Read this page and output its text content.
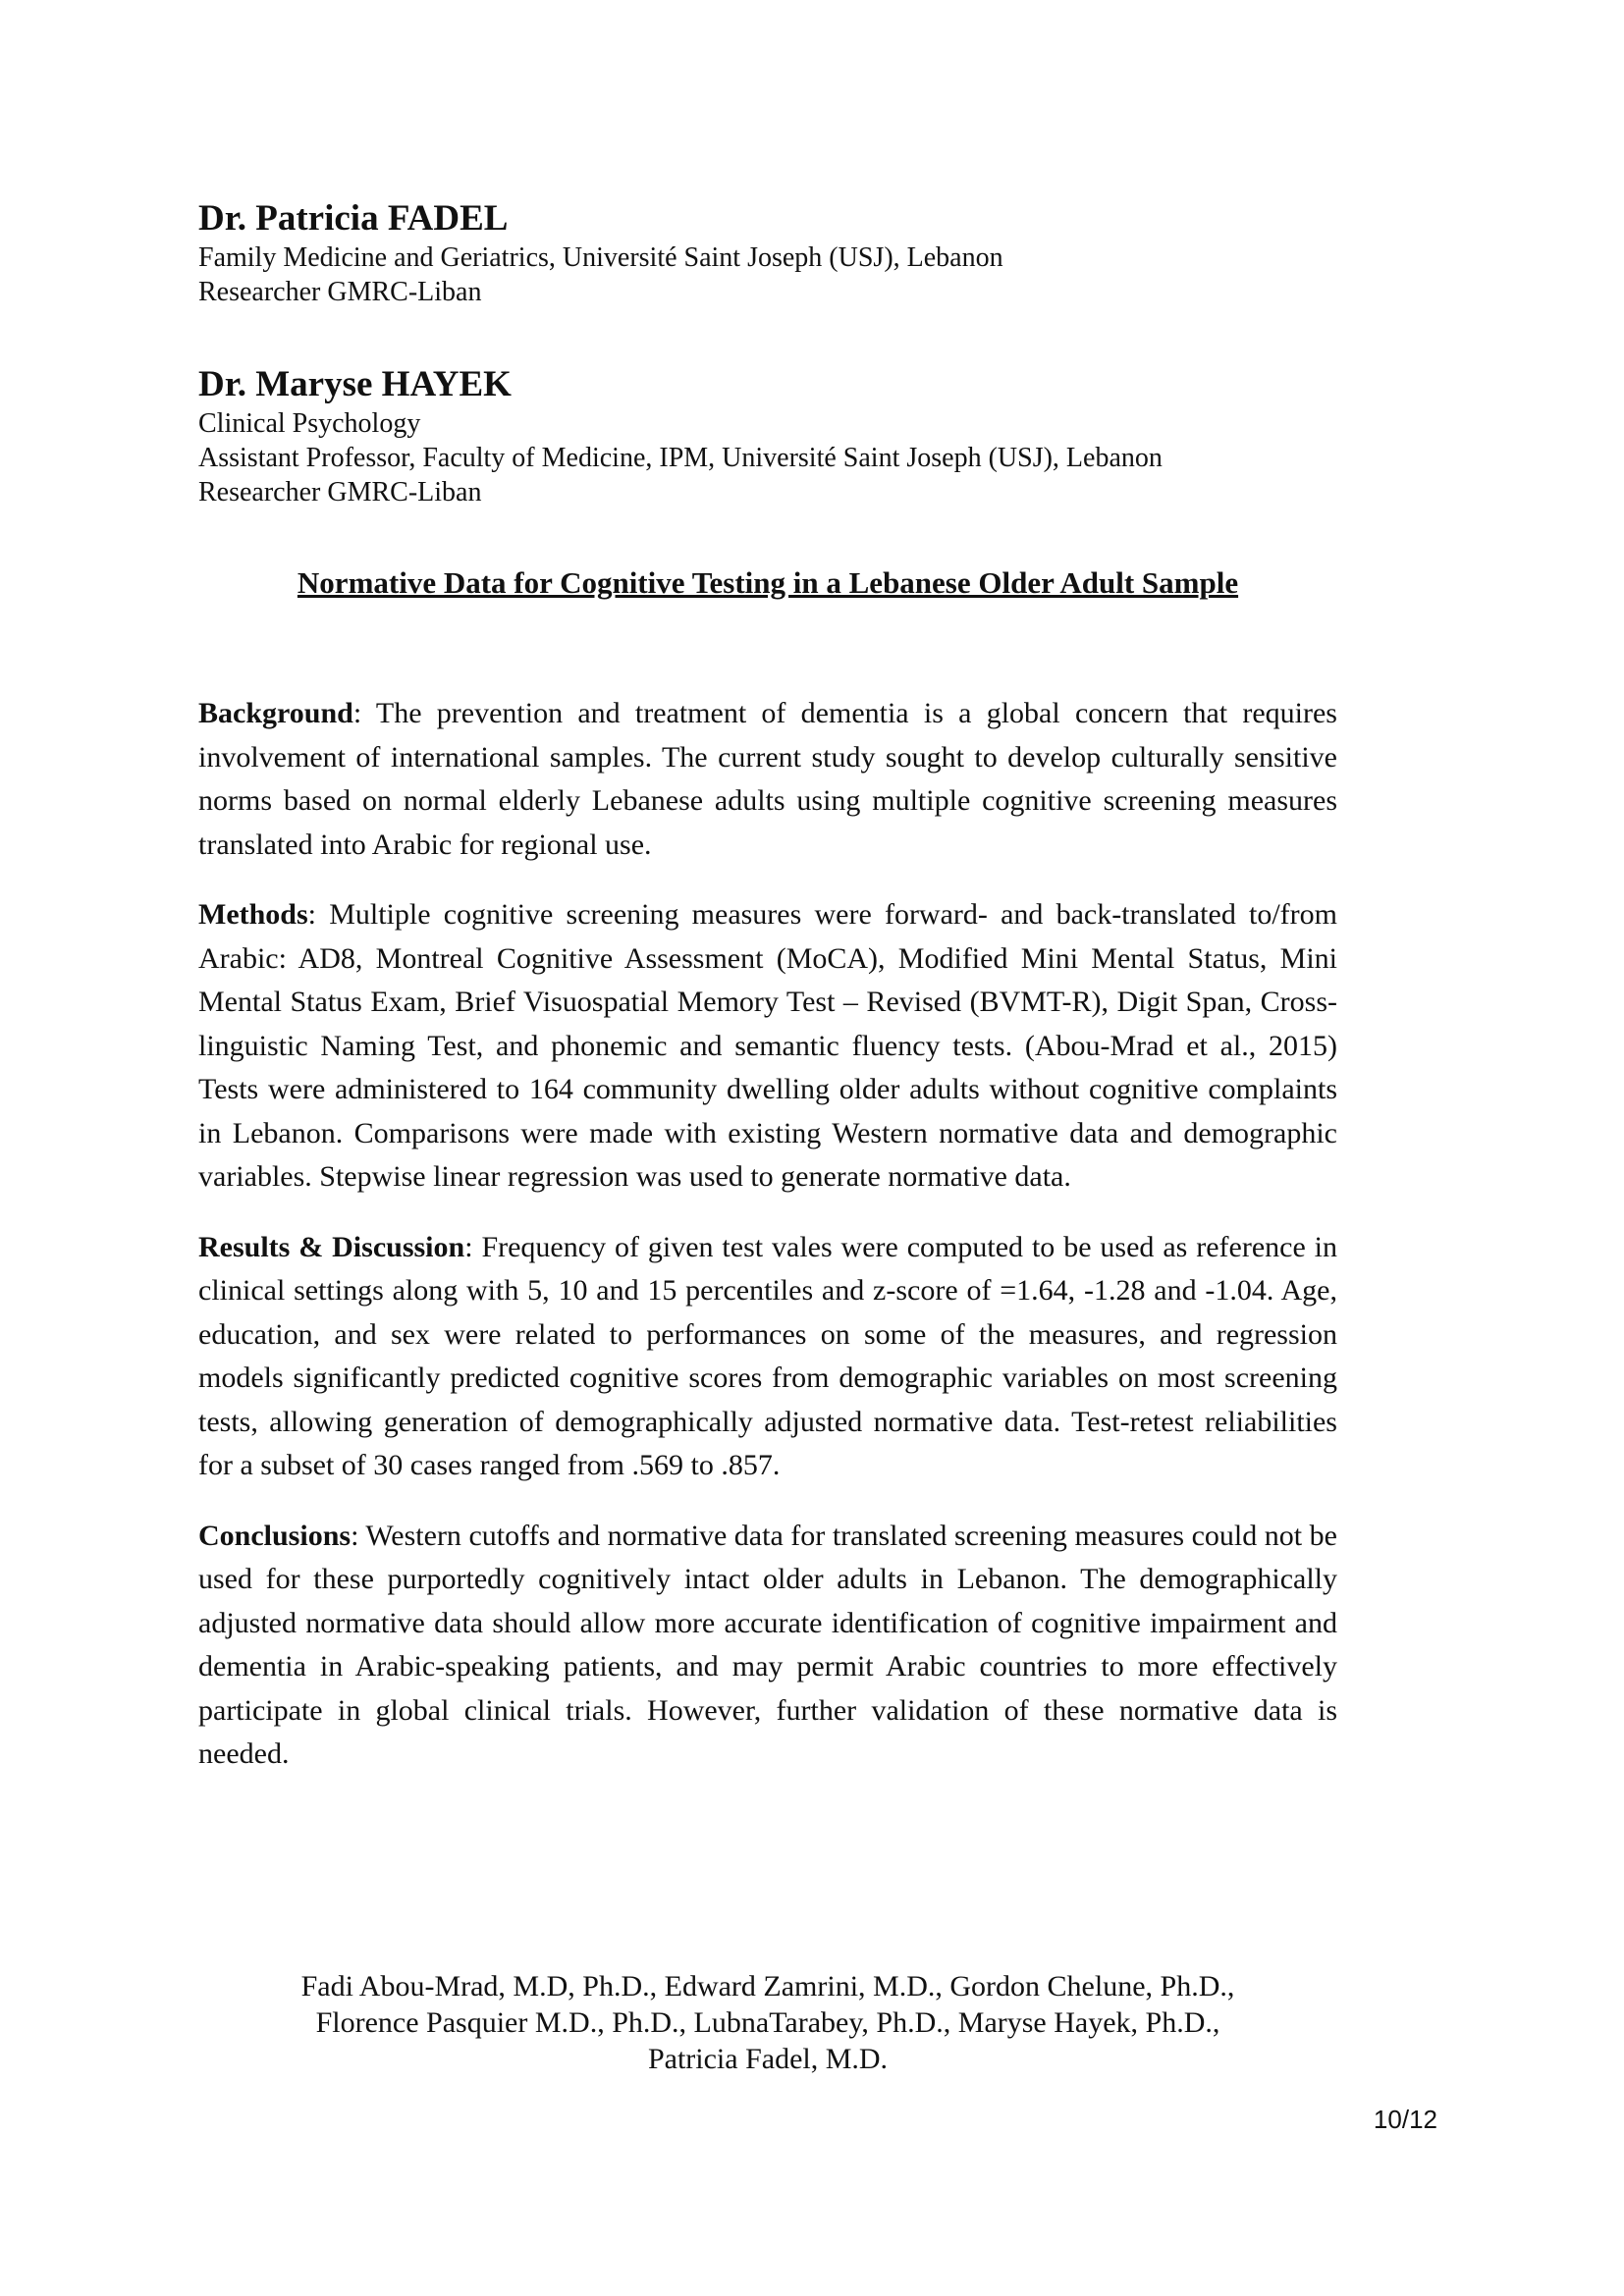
Dr. Patricia FADEL

Family Medicine and Geriatrics, Université Saint Joseph (USJ), Lebanon

Researcher GMRC-Liban

Dr. Maryse HAYEK

Clinical Psychology

Assistant Professor, Faculty of Medicine, IPM, Université Saint Joseph (USJ), Lebanon

Researcher GMRC-Liban

Normative Data for Cognitive Testing in a Lebanese Older Adult Sample

Background: The prevention and treatment of dementia is a global concern that requires involvement of international samples. The current study sought to develop culturally sensitive norms based on normal elderly Lebanese adults using multiple cognitive screening measures translated into Arabic for regional use.

Methods: Multiple cognitive screening measures were forward- and back-translated to/from Arabic: AD8, Montreal Cognitive Assessment (MoCA), Modified Mini Mental Status, Mini Mental Status Exam, Brief Visuospatial Memory Test – Revised (BVMT-R), Digit Span, Cross-linguistic Naming Test, and phonemic and semantic fluency tests. (Abou-Mrad et al., 2015) Tests were administered to 164 community dwelling older adults without cognitive complaints in Lebanon. Comparisons were made with existing Western normative data and demographic variables. Stepwise linear regression was used to generate normative data.

Results & Discussion: Frequency of given test vales were computed to be used as reference in clinical settings along with 5, 10 and 15 percentiles and z-score of =1.64, -1.28 and -1.04. Age, education, and sex were related to performances on some of the measures, and regression models significantly predicted cognitive scores from demographic variables on most screening tests, allowing generation of demographically adjusted normative data. Test-retest reliabilities for a subset of 30 cases ranged from .569 to .857.

Conclusions: Western cutoffs and normative data for translated screening measures could not be used for these purportedly cognitively intact older adults in Lebanon. The demographically adjusted normative data should allow more accurate identification of cognitive impairment and dementia in Arabic-speaking patients, and may permit Arabic countries to more effectively participate in global clinical trials. However, further validation of these normative data is needed.

Fadi Abou-Mrad, M.D, Ph.D., Edward Zamrini, M.D., Gordon Chelune, Ph.D.,
Florence Pasquier M.D., Ph.D., LubnaTarabey, Ph.D., Maryse Hayek, Ph.D.,
Patricia Fadel, M.D.
10/12
